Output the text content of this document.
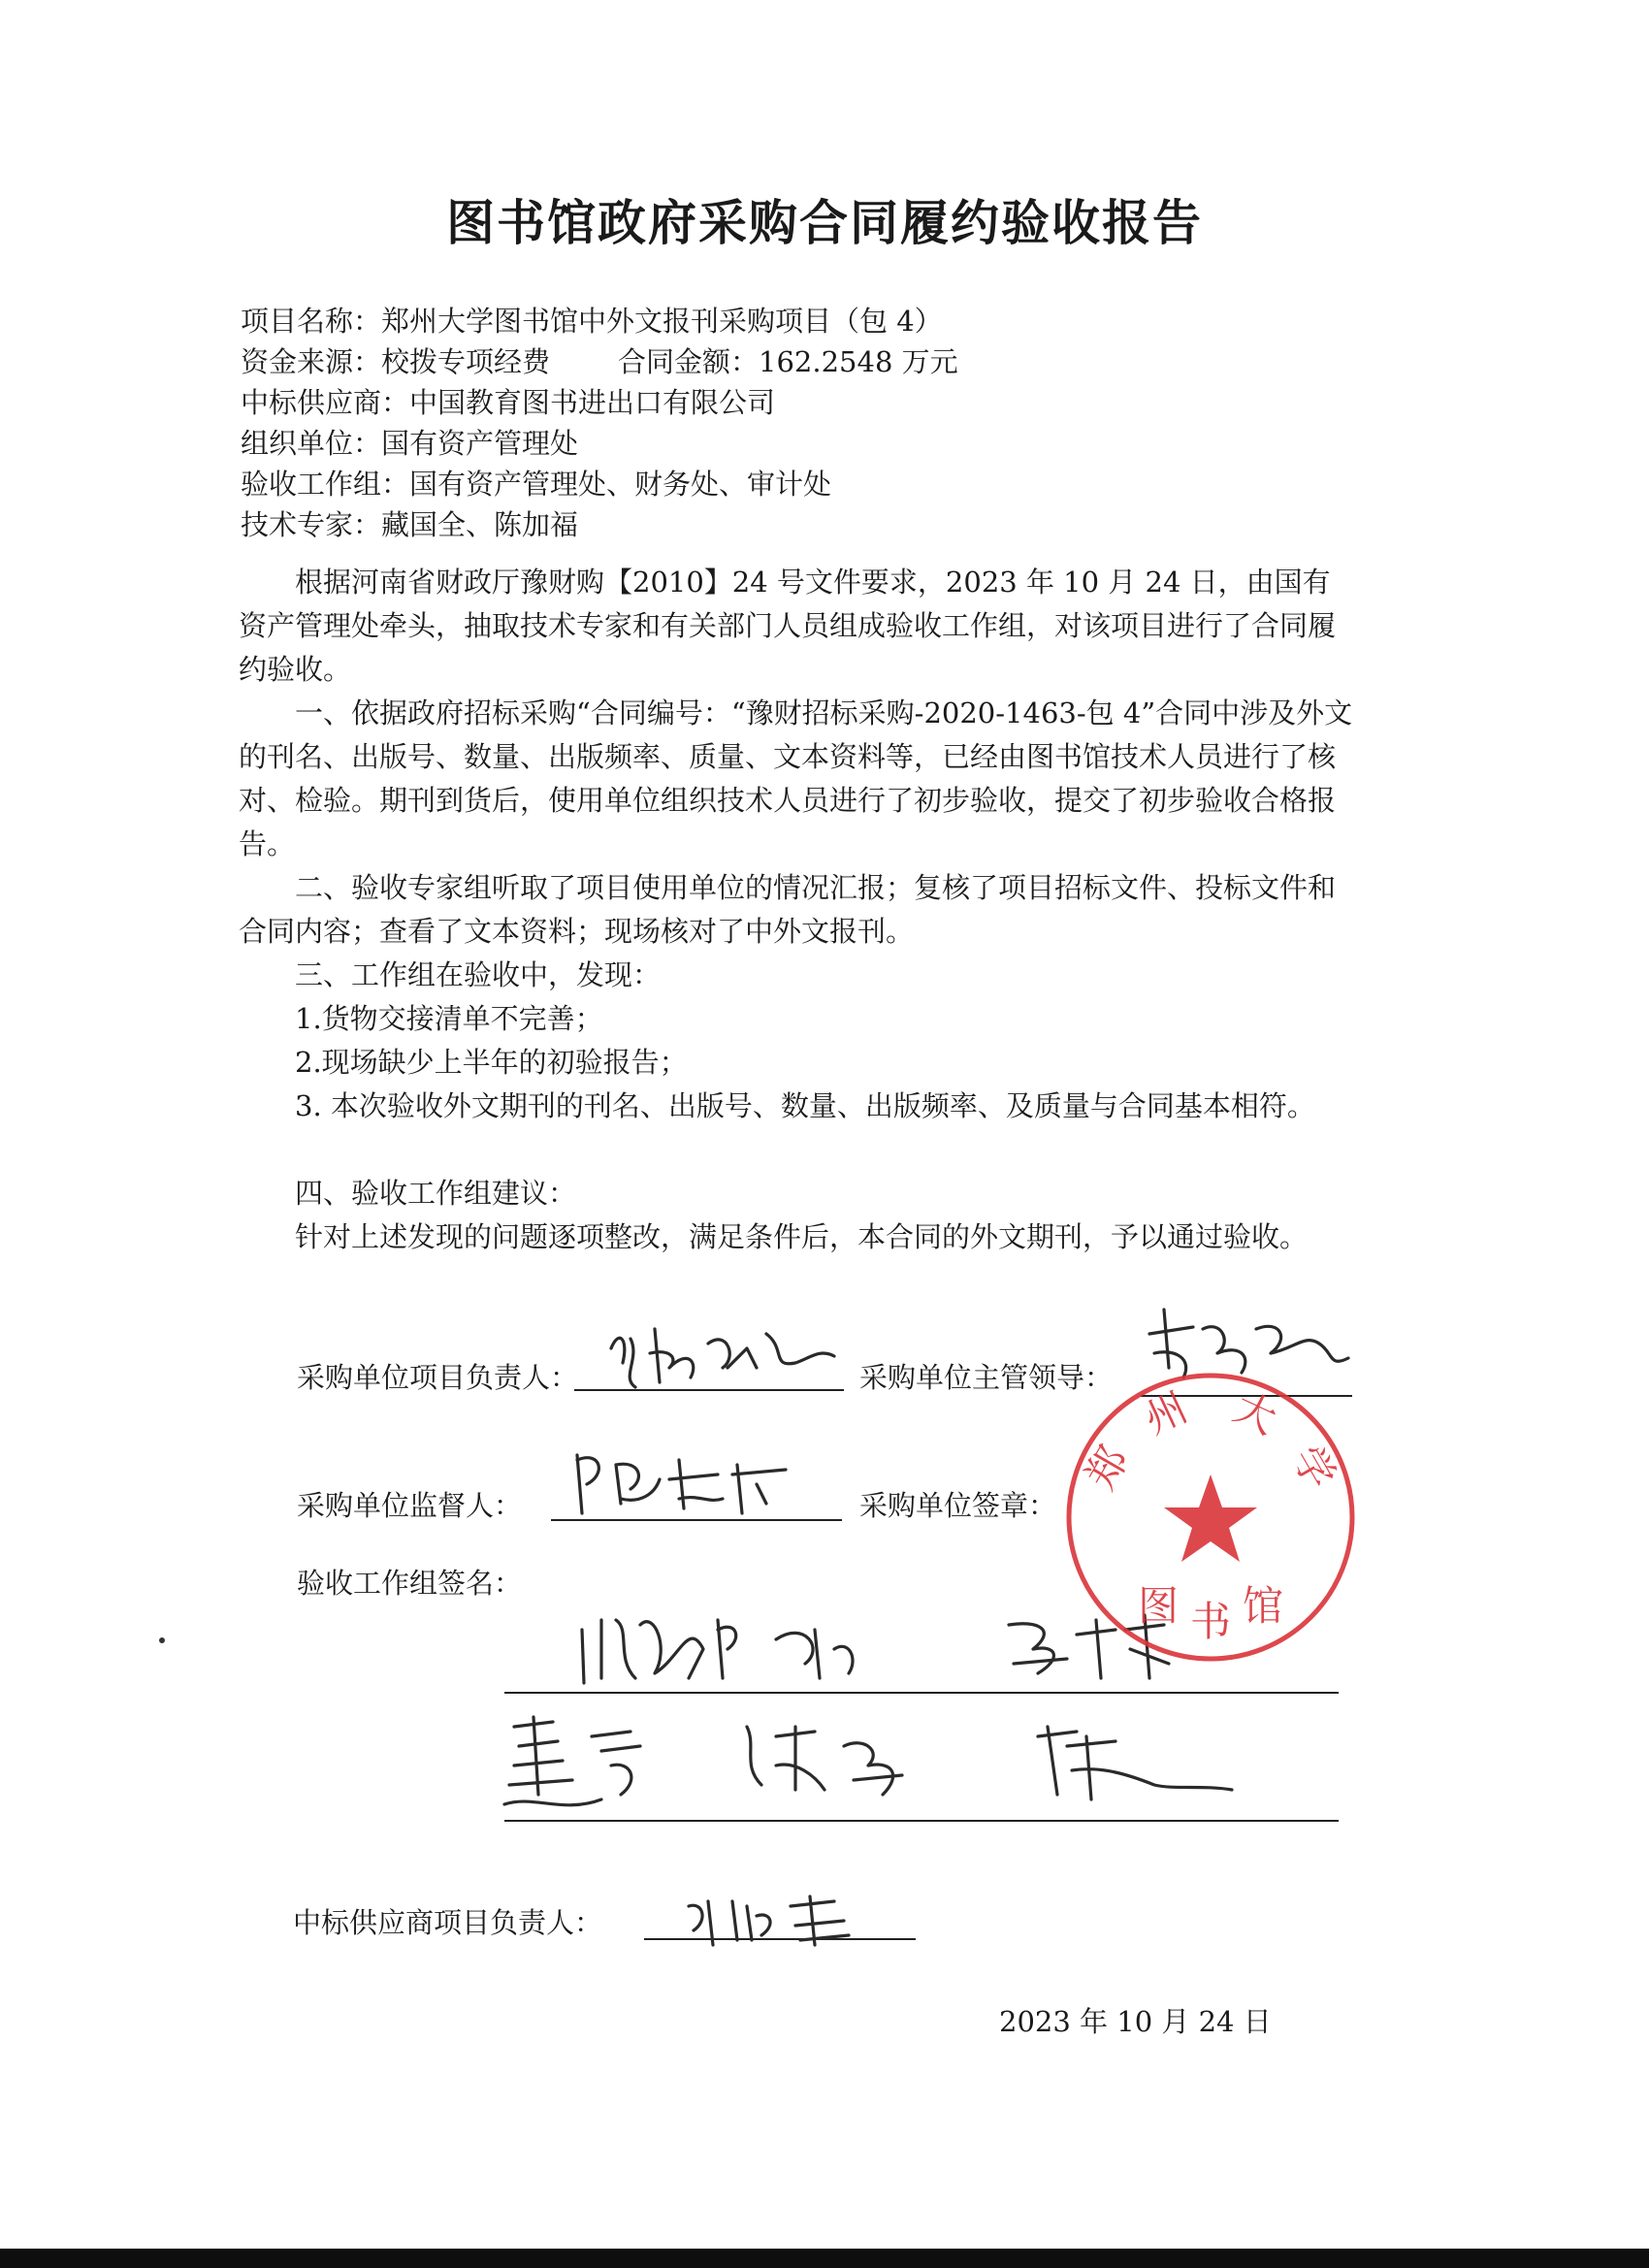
图书馆政府采购合同履约验收报告
项目名称：郑州大学图书馆中外文报刊采购项目（包 4）
资金来源：校拨专项经费 合同金额：162.2548 万元
中标供应商：中国教育图书进出口有限公司
组织单位：国有资产管理处
验收工作组：国有资产管理处、财务处、审计处
技术专家：藏国全、陈加福

根据河南省财政厅豫财购【2010】24 号文件要求，2023 年 10 月 24 日，由国有资产管理处牵头，抽取技术专家和有关部门人员组成验收工作组，对该项目进行了合同履约验收。

一、依据政府招标采购“合同编号：“豫财招标采购-2020-1463-包 4”合同中涉及外文的刊名、出版号、数量、出版频率、质量、文本资料等，已经由图书馆技术人员进行了核对、检验。期刊到货后，使用单位组织技术人员进行了初步验收，提交了初步验收合格报告。

二、验收专家组听取了项目使用单位的情况汇报；复核了项目招标文件、投标文件和合同内容；查看了文本资料；现场核对了中外文报刊。

三、工作组在验收中，发现：

1.货物交接清单不完善；

2.现场缺少上半年的初验报告；

3. 本次验收外文期刊的刊名、出版号、数量、出版频率、及质量与合同基本相符。

四、验收工作组建议：

针对上述发现的问题逐项整改，满足条件后，本合同的外文期刊，予以通过验收。

采购单位项目负责人：	采购单位主管领导：
采购单位监督人：	采购单位签章：
验收工作组签名：
中标供应商项目负责人：
2023 年 10 月 24 日
郑
州 大
学
图 书 馆
